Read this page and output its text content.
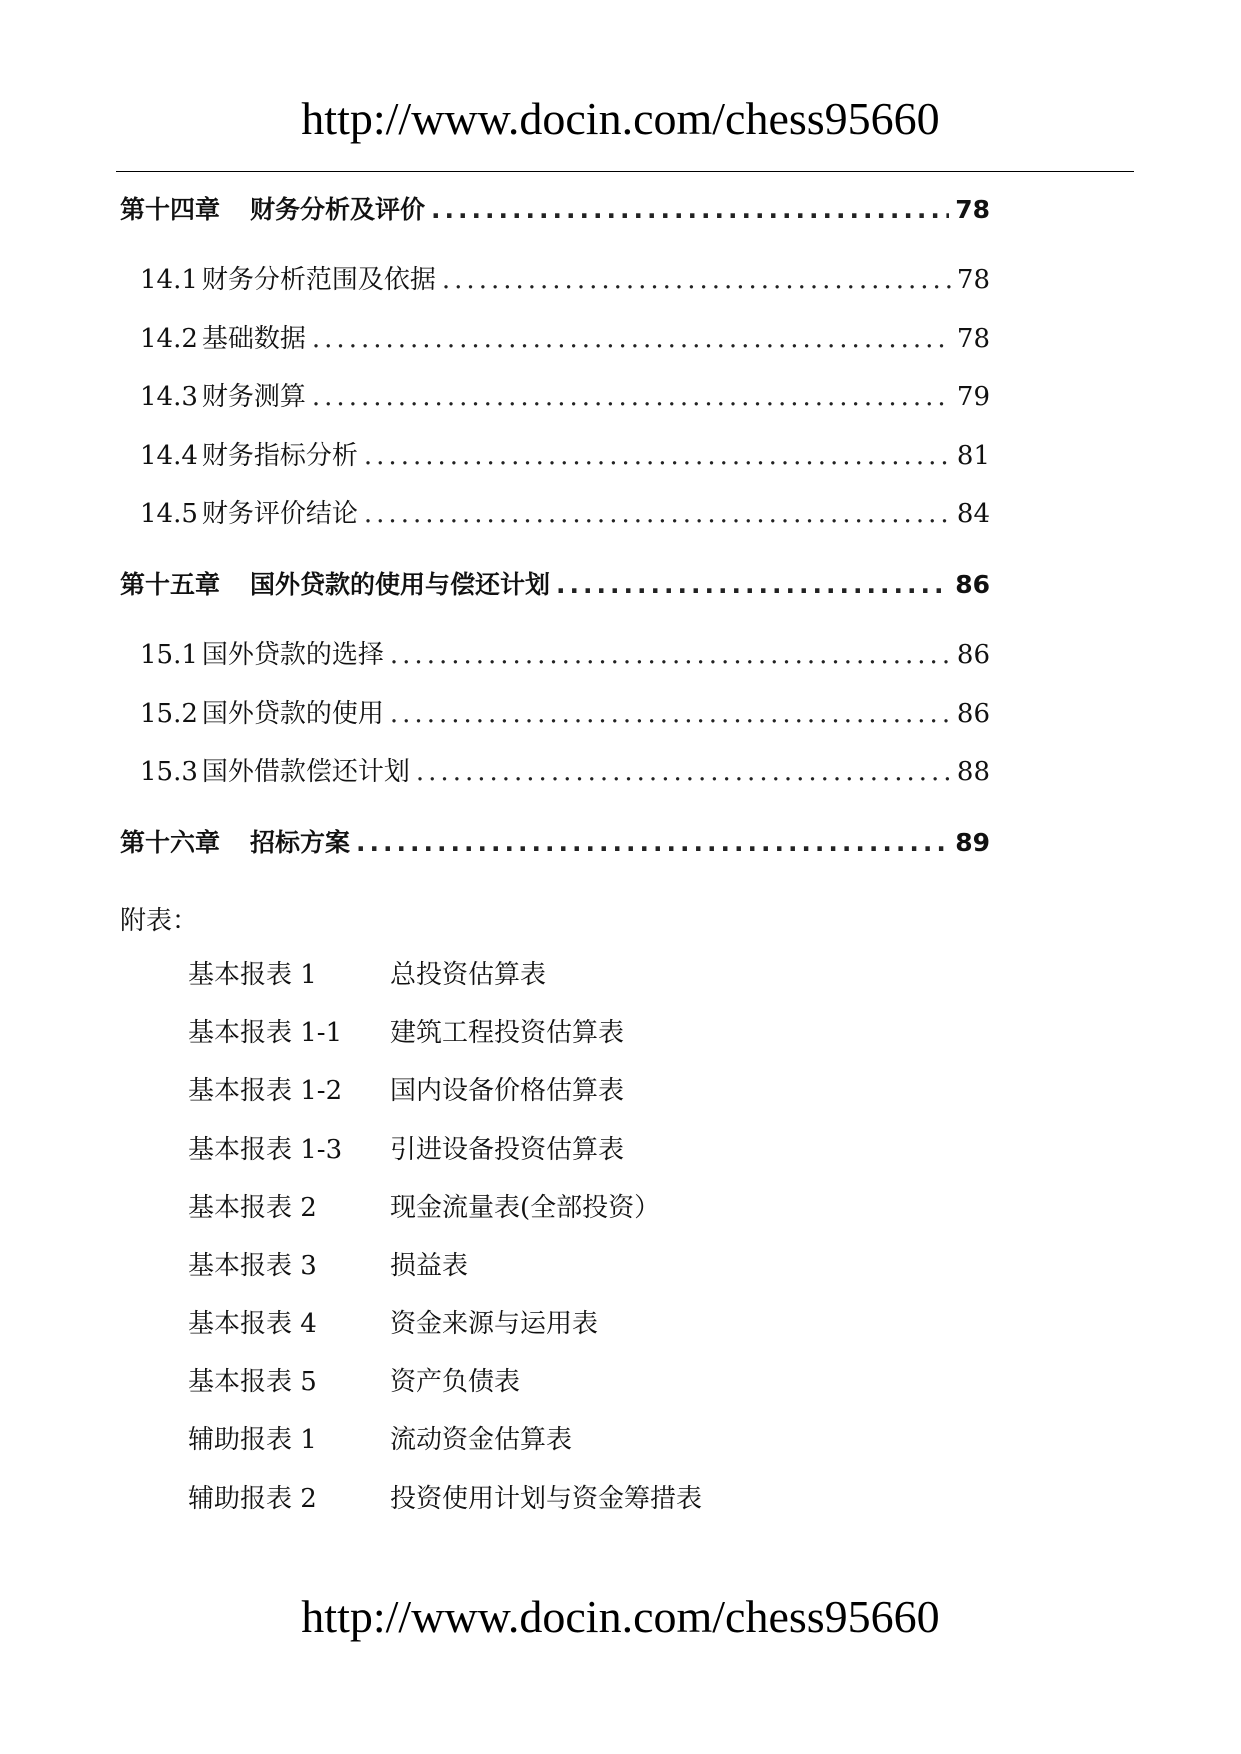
http://www.docin.com/chess95660
第十四章 财务分析及评价 .....	78
14.1 财务分析范围及依据 .....	78
14.2 基础数据 .....	78
14.3 财务测算 .....	79
14.4 财务指标分析 .....	81
14.5 财务评价结论 .....	84
第十五章 国外贷款的使用与偿还计划 .....	86
15.1 国外贷款的选择 .....	86
15.2 国外贷款的使用 .....	86
15.3 国外借款偿还计划 .....	88
第十六章 招标方案 .....	89
附表：
基本报表 1	总投资估算表
基本报表 1-1 建筑工程投资估算表
基本报表 1-2 国内设备价格估算表
基本报表 1-3 引进设备投资估算表
基本报表 2	现金流量表(全部投资）
基本报表 3	损益表
基本报表 4	资金来源与运用表
基本报表 5	资产负债表
辅助报表 1	流动资金估算表
辅助报表 2	投资使用计划与资金筹措表
http://www.docin.com/chess95660
